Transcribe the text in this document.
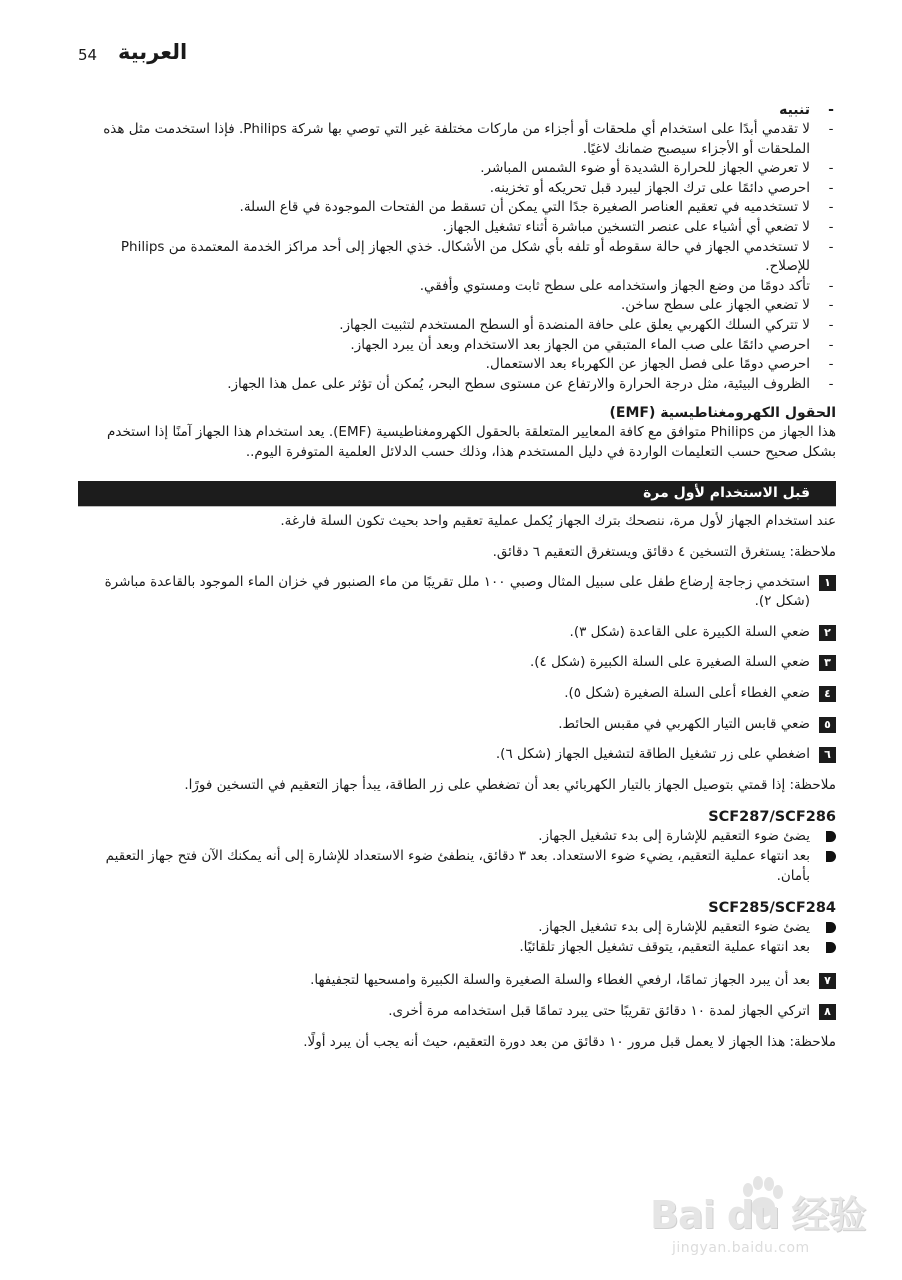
54 العربية

-
تنبيه

-
لا تقدمي أبدًا على استخدام أي ملحقات أو أجزاء من ماركات مختلفة غير التي توصي بها شركة Philips. فإذا استخدمت مثل هذه الملحقات أو الأجزاء سيصبح ضمانك لاغيًا.
-
لا تعرضي الجهاز للحرارة الشديدة أو ضوء الشمس المباشر.
-
احرصي دائمًا على ترك الجهاز ليبرد قبل تحريكه أو تخزينه.
-
لا تستخدميه في تعقيم العناصر الصغيرة جدًا التي يمكن أن تسقط من الفتحات الموجودة في قاع السلة.
-
لا تضعي أي أشياء على عنصر التسخين مباشرة أثناء تشغيل الجهاز.
-
لا تستخدمي الجهاز في حالة سقوطه أو تلفه بأي شكل من الأشكال. خذي الجهاز إلى أحد مراكز الخدمة المعتمدة من Philips للإصلاح.
-
تأكد دومًا من وضع الجهاز واستخدامه على سطح ثابت ومستوي وأفقي.
-
لا تضعي الجهاز على سطح ساخن.
-
لا تتركي السلك الكهربي يعلق على حافة المنضدة أو السطح المستخدم لتثبيت الجهاز.
-
احرصي دائمًا على صب الماء المتبقي من الجهاز بعد الاستخدام وبعد أن يبرد الجهاز.
-
احرصي دومًا على فصل الجهاز عن الكهرباء بعد الاستعمال.
-
الظروف البيئية، مثل درجة الحرارة والارتفاع عن مستوى سطح البحر، يُمكن أن تؤثر على عمل هذا الجهاز.

الحقول الكهرومغناطيسية (EMF)

هذا الجهاز من Philips متوافق مع كافة المعايير المتعلقة بالحقول الكهرومغناطيسية (EMF). يعد استخدام هذا الجهاز آمنًا إذا استخدم بشكل صحيح حسب التعليمات الواردة في دليل المستخدم هذا، وذلك حسب الدلائل العلمية المتوفرة اليوم..

قبل الاستخدام لأول مرة

عند استخدام الجهاز لأول مرة، ننصحك بترك الجهاز يُكمل عملية تعقيم واحد بحيث تكون السلة فارغة.

ملاحظة: يستغرق التسخين ٤ دقائق ويستغرق التعقيم ٦ دقائق.

١
استخدمي زجاجة إرضاع طفل على سبيل المثال وصبي ١٠٠ ملل تقريبًا من ماء الصنبور في خزان الماء الموجود بالقاعدة مباشرة (شكل ٢).
٢
ضعي السلة الكبيرة على القاعدة (شكل ٣).
٣
ضعي السلة الصغيرة على السلة الكبيرة (شكل ٤).
٤
ضعي الغطاء أعلى السلة الصغيرة (شكل ٥).
٥
ضعي قابس التيار الكهربي في مقبس الحائط.
٦
اضغطي على زر تشغيل الطاقة لتشغيل الجهاز (شكل ٦).

ملاحظة: إذا قمتي بتوصيل الجهاز بالتيار الكهربائي بعد أن تضغطي على زر الطاقة، يبدأ جهاز التعقيم في التسخين فورًا.

SCF287/SCF286

يضئ ضوء التعقيم للإشارة إلى بدء تشغيل الجهاز.
بعد انتهاء عملية التعقيم، يضيء ضوء الاستعداد. بعد ٣ دقائق، ينطفئ ضوء الاستعداد للإشارة إلى أنه يمكنك الآن فتح جهاز التعقيم بأمان.

SCF285/SCF284

يضئ ضوء التعقيم للإشارة إلى بدء تشغيل الجهاز.
بعد انتهاء عملية التعقيم، يتوقف تشغيل الجهاز تلقائيًا.
٧
بعد أن يبرد الجهاز تمامًا، ارفعي الغطاء والسلة الصغيرة والسلة الكبيرة وامسحيها لتجفيفها.
٨
اتركي الجهاز لمدة ١٠ دقائق تقريبًا حتى يبرد تمامًا قبل استخدامه مرة أخرى.

ملاحظة: هذا الجهاز لا يعمل قبل مرور ١٠ دقائق من بعد دورة التعقيم، حيث أنه يجب أن يبرد أولًا.

Bai du 经验
jingyan.baidu.com
